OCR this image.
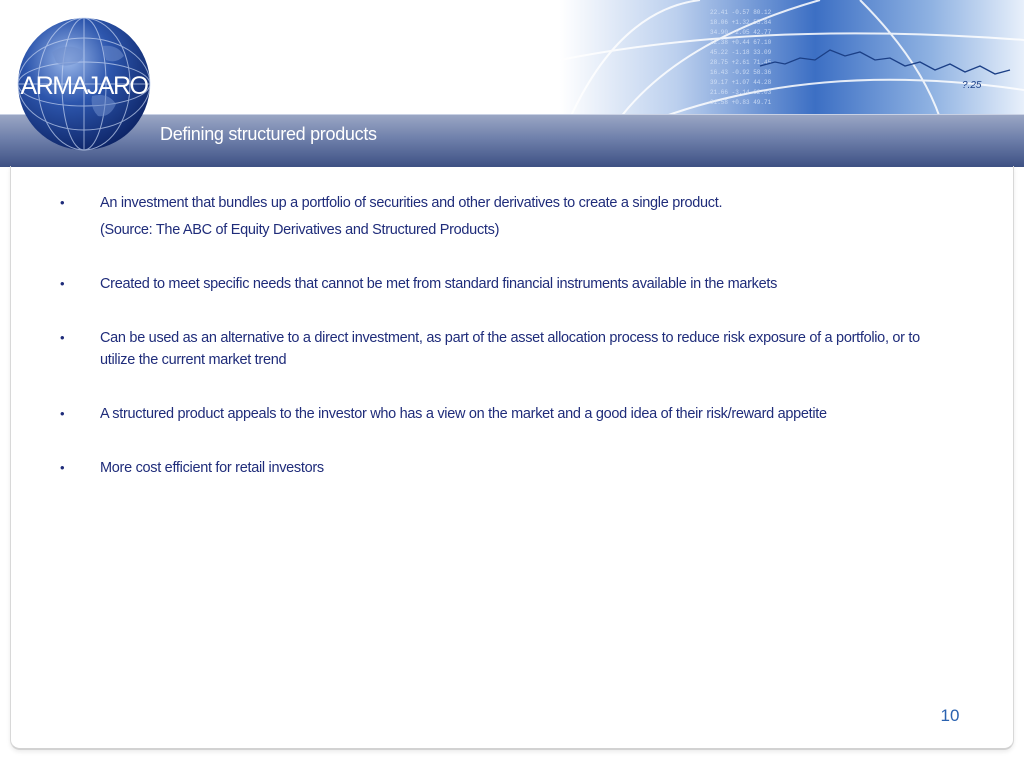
22.41 -0.57 80.12
18.06 +1.32 55.84
34.90 -2.05 42.77
12.38 +0.44 67.10
45.22 -1.18 33.09
28.75 +2.61 71.45
16.43 -0.92 58.36
39.17 +1.07 44.28
21.66 -3.14 62.03
31.58 +0.83 49.71
?.25
Defining structured products
ARMAJARO
• An investment that bundles up a portfolio of securities and other derivatives to create a single product.
(Source: The ABC of Equity Derivatives and Structured Products)
• Created to meet specific needs that cannot be met from standard financial instruments available in the markets
• Can be used as an alternative to a direct investment, as part of the asset allocation process to reduce risk exposure of a portfolio, or to utilize the current market trend
• A structured product appeals to the investor who has a view on the market and a good idea of their risk/reward appetite
• More cost efficient for retail investors
10
